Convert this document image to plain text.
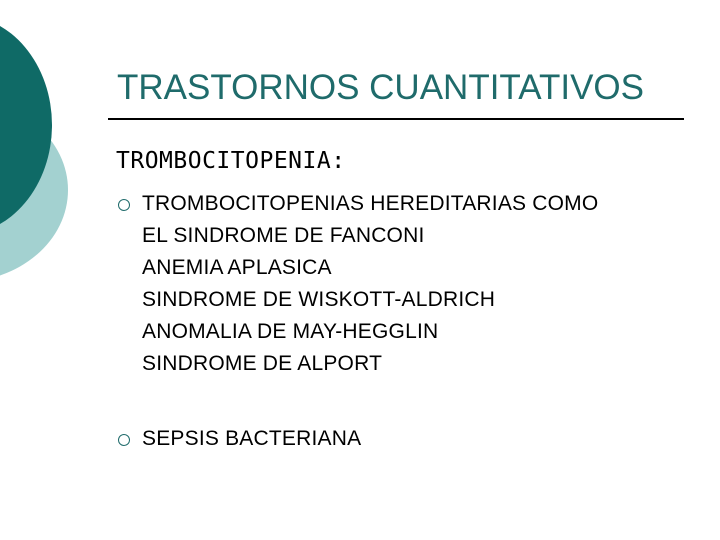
TRASTORNOS CUANTITATIVOS
TROMBOCITOPENIA:
TROMBOCITOPENIAS HEREDITARIAS COMO
EL SINDROME DE FANCONI
ANEMIA APLASICA
SINDROME DE WISKOTT-ALDRICH
ANOMALIA DE MAY-HEGGLIN
SINDROME DE ALPORT
SEPSIS BACTERIANA
